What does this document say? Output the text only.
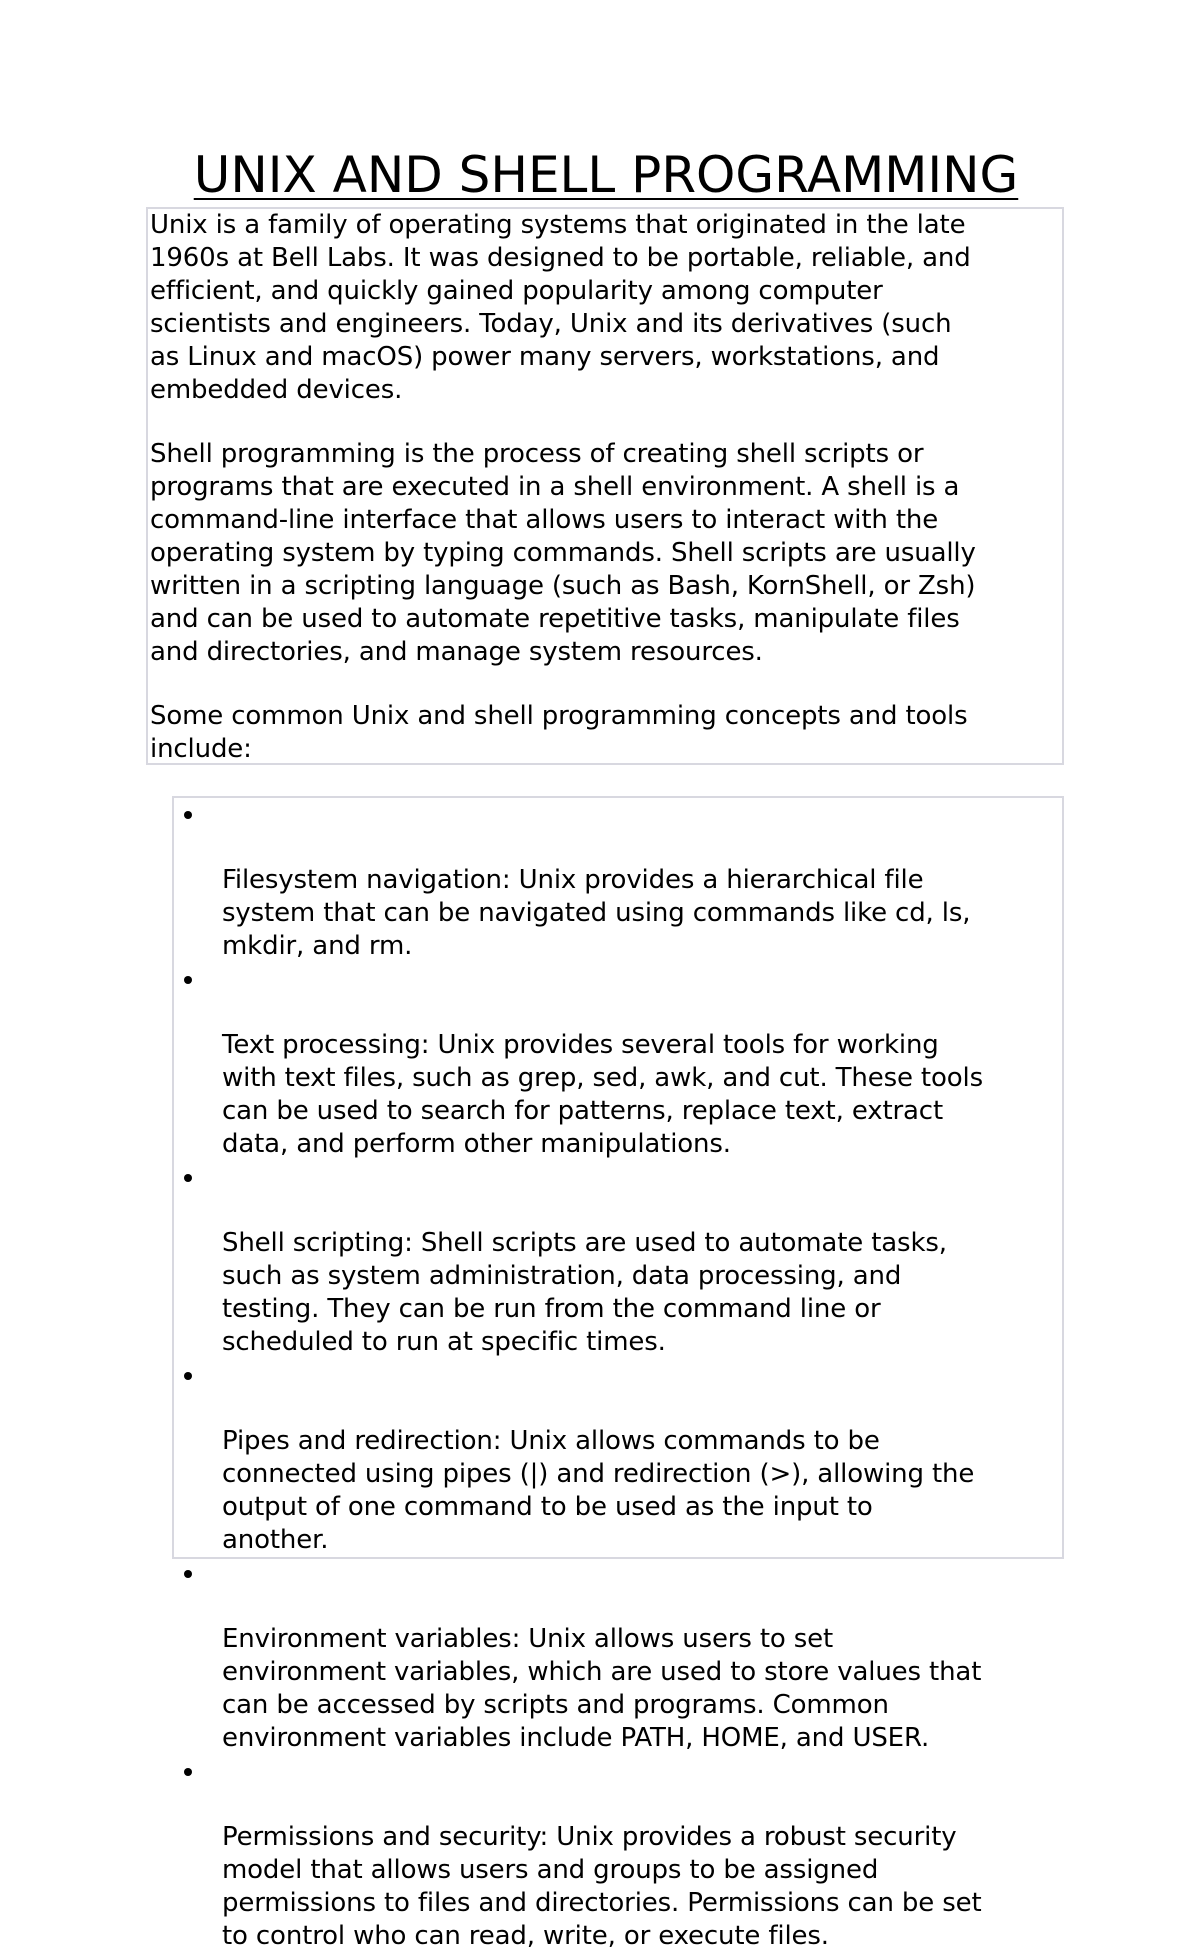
UNIX AND SHELL PROGRAMMING

Unix is a family of operating systems that originated in the late
1960s at Bell Labs. It was designed to be portable, reliable, and
efficient, and quickly gained popularity among computer
scientists and engineers. Today, Unix and its derivatives (such
as Linux and macOS) power many servers, workstations, and
embedded devices.

Shell programming is the process of creating shell scripts or
programs that are executed in a shell environment. A shell is a
command-line interface that allows users to interact with the
operating system by typing commands. Shell scripts are usually
written in a scripting language (such as Bash, KornShell, or Zsh)
and can be used to automate repetitive tasks, manipulate files
and directories, and manage system resources.

Some common Unix and shell programming concepts and tools
include:

Filesystem navigation: Unix provides a hierarchical file
system that can be navigated using commands like cd, ls,
mkdir, and rm.

Text processing: Unix provides several tools for working
with text files, such as grep, sed, awk, and cut. These tools
can be used to search for patterns, replace text, extract
data, and perform other manipulations.

Shell scripting: Shell scripts are used to automate tasks,
such as system administration, data processing, and
testing. They can be run from the command line or
scheduled to run at specific times.

Pipes and redirection: Unix allows commands to be
connected using pipes (|) and redirection (>), allowing the
output of one command to be used as the input to
another.

Environment variables: Unix allows users to set
environment variables, which are used to store values that
can be accessed by scripts and programs. Common
environment variables include PATH, HOME, and USER.

Permissions and security: Unix provides a robust security
model that allows users and groups to be assigned
permissions to files and directories. Permissions can be set
to control who can read, write, or execute files.
